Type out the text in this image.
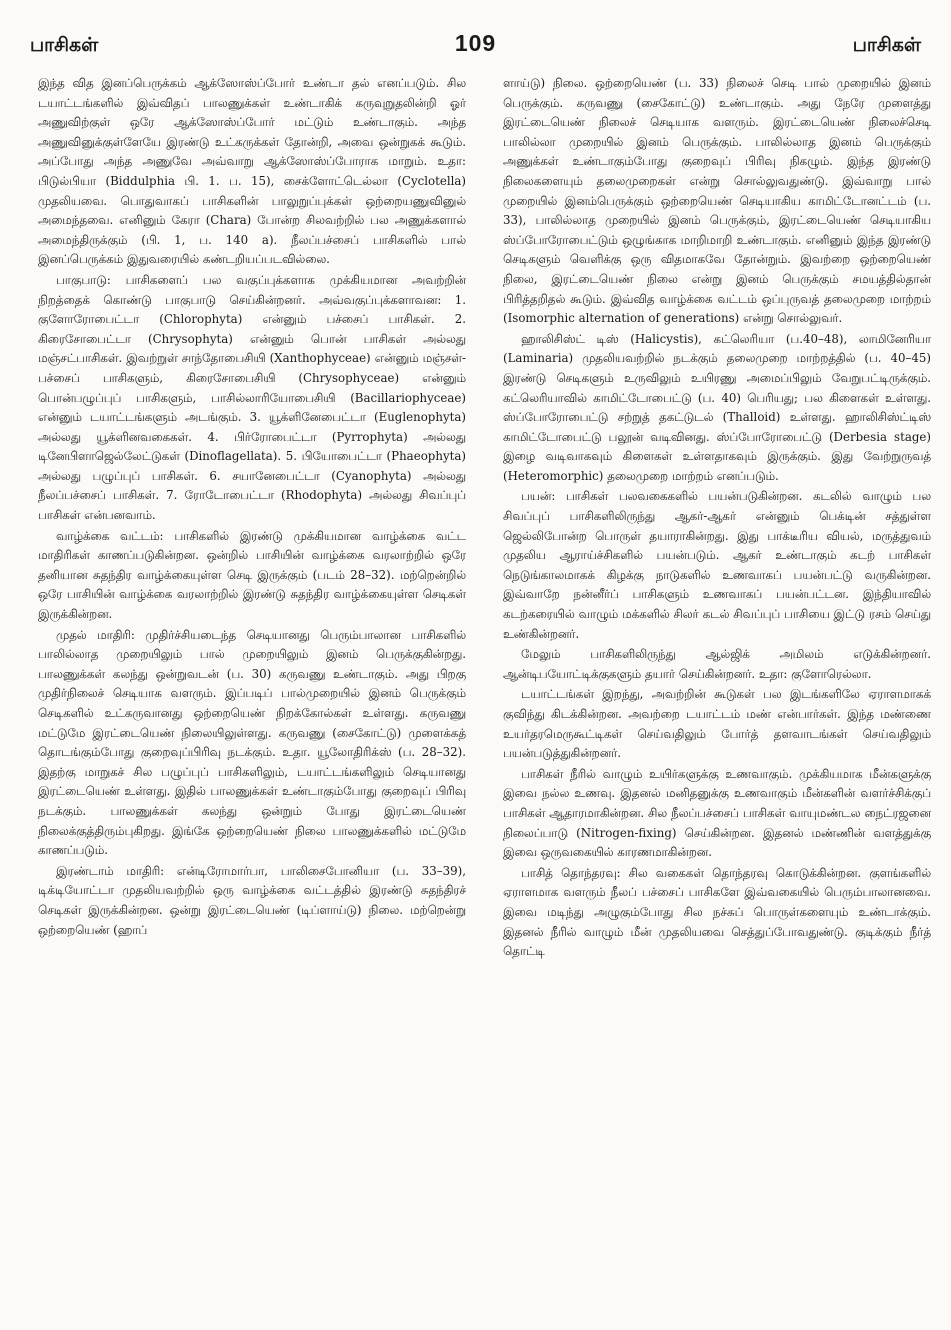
பாசிகள்	109	பாசிகள்

இந்த வித இனப்பெருக்கம் ஆக்ஸோஸ்ப்போர் உண்டா தல் எனப்படும். சில டயாட்டங்களில் இவ்விதப் பாலணுக்கள் உண்டாகிக் கருவுறுதலின்றி ஓர் அணுவிற்குள் ஒரே ஆக்ஸோஸ்ப்போர் மட்டும் உண்டாகும். அந்த அணுவினுக்குள்ளேயே இரண்டு உட்கருக்கள் தோன்றி, அவை ஒன்றுகக் கூடும். அப்போது அந்த அணுவே அவ்வாறு ஆக்ஸோஸ்ப்போராக மாறும். உதா: பிடுல்பியா (Biddulphia பி. 1. ப. 15), சைக்ளோட்டெல்லா (Cyclotella) முதலியவை. பொதுவாகப் பாசிகளின் பாலுறுப்புக்கள் ஒற்றையணுவினுல் அமைந்தவை. எனினும் கேரா (Chara) போன்ற சிலவற்றில் பல அணுக்களால் அமைந்திருக்கும் (பி. 1, ப. 140 a). நீலப்பச்சைப் பாசிகளில் பால் இனப்பெருக்கம் இதுவரையில் கண்டறியப்படவில்லை.

பாகுபாடு: பாசிகளைப் பல வகுப்புக்களாக முக்கியமான அவற்றின் நிறத்தைக் கொண்டு பாகுபாடு செய்கின்றனர். அவ்வகுப்புக்களாவன: 1. குளோரோபைட்டா (Chlorophyta) என்னும் பச்சைப் பாசிகள். 2. கிரைசோபைட்டா (Chrysophyta) என்னும் பொன் பாசிகள் அல்லது மஞ்சட்பாசிகள். இவற்றுள் சாந்தோபைசியி (Xanthophyceae) என்னும் மஞ்சள்-பச்சைப் பாசிகளும், கிரைசோபைசியி (Chrysophyceae) என்னும் பொன்பழுப்புப் பாசிகளும், பாசில்லாரியோபைசியி (Bacillariophyceae) என்னும் டயாட்டங்களும் அடங்கும். 3. யூக்ளினேபைட்டா (Euglenophyta) அல்லது யூக்ளினவகைகள். 4. பிர்ரோபைட்டா (Pyrrophyta) அல்லது டினேபிளாஜெல்லேட்டுகள் (Dinoflagellata). 5. பியோபைட்டா (Phaeophyta) அல்லது பழுப்புப் பாசிகள். 6. சயானேபைட்டா (Cyanophyta) அல்லது நீலப்பச்சைப் பாசிகள். 7. ரோடோபைட்டா (Rhodophyta) அல்லது சிவப்புப் பாசிகள் என்பனவாம்.

வாழ்க்கை வட்டம்: பாசிகளில் இரண்டு முக்கியமான வாழ்க்கை வட்ட மாதிரிகள் காணப்படுகின்றன. ஒன்றில் பாசியின் வாழ்க்கை வரலாற்றில் ஒரே தனியான சுதந்திர வாழ்க்கையுள்ள செடி இருக்கும் (படம் 28–32). மற்றென்றில் ஒரே பாசியின் வாழ்க்கை வரலாற்றில் இரண்டு சுதந்திர வாழ்க்கையுள்ள செடிகள் இருக்கின்றன.

முதல் மாதிரி: முதிர்ச்சியடைந்த செடியானது பெரும்பாலான பாசிகளில் பாலில்லாத முறையிலும் பால் முறையிலும் இனம் பெருக்குகின்றது. பாலணுக்கள் கலந்து ஒன்றுவடன் (ப. 30) கருவணு உண்டாகும். அது பிறகு முதிர்நிலைச் செடியாக வளரும். இப்படிப் பால்முறையில் இனம் பெருக்கும் செடிகளில் உட்கருவானது ஒற்றையெண் நிறக்கோல்கள் உள்ளது. கருவணு மட்டுமே இரட்டையெண் நிலையிலுள்ளது. கருவணு (சைகோட்டு) முளைக்கத் தொடங்கும்போது குறைவுப்பிரிவு நடக்கும். உதா. யூலோதிரிக்ஸ் (ப. 28–32). இதற்கு மாறுகச் சில பழுப்புப் பாசிகளிலும், டயாட்டங்களிலும் செடியானது இரட்டையெண் உள்ளது. இதில் பாலணுக்கள் உண்டாகும்போது குறைவுப் பிரிவு நடக்கும். பாலணுக்கள் கலந்து ஒன்றும் போது இரட்டையெண் நிலைக்குத்திரும்புகிறது. இங்கே ஒற்றையெண் நிலை பாலணுக்களில் மட்டுமே காணப்படும்.

இரண்டாம் மாதிரி: என்டிரோமார்பா, பாலிசைபோனியா (ப. 33–39), டிக்டியோட்டா முதலியவற்றில் ஒரு வாழ்க்கை வட்டத்தில் இரண்டு சுதந்திரச் செடிகள் இருக்கின்றன. ஒன்று இரட்டையெண் (டிப்ளாய்டு) நிலை. மற்றென்று ஒற்றையெண் (ஹாப்

ளாய்டு) நிலை. ஒற்றையெண் (ப. 33) நிலைச் செடி பால் முறையில் இனம் பெருக்கும். கருவணு (சைகோட்டு) உண்டாகும். அது நேரே முளைத்து இரட்டையெண் நிலைச் செடியாக வளரும். இரட்டையெண் நிலைச்செடி பாலில்லா முறையில் இனம் பெருக்கும். பாலில்லாத இனம் பெருக்கும் அணுக்கள் உண்டாகும்போது குறைவுப் பிரிவு நிகழும். இந்த இரண்டு நிலைகளையும் தலைமுறைகள் என்று சொல்லுவதுண்டு. இவ்வாறு பால் முறையில் இனம்பெருக்கும் ஒற்றையெண் செடியாகிய காமிட்டோனட்டம் (ப. 33), பாலில்லாத முறையில் இனம் பெருக்கும், இரட்டையெண் செடியாகிய ஸ்ப்போரோபைட்டும் ஒழுங்காக மாறிமாறி உண்டாகும். எனினும் இந்த இரண்டு செடிகளும் வெளிக்கு ஒரு விதமாகவே தோன்றும். இவற்றை ஒற்றையெண் நிலை, இரட்டையெண் நிலை என்று இனம் பெருக்கும் சமயத்தில்தான் பிரித்தறிதல் கூடும். இவ்வித வாழ்க்கை வட்டம் ஒப்புருவத் தலைமுறை மாற்றம் (Isomorphic alternation of generations) என்று சொல்லுவர்.

ஹாலிசிஸ்ட் டிஸ் (Halicystis), கட்லெரியா (ப.40–48), லாமினேரியா (Laminaria) முதலியவற்றில் நடக்கும் தலைமுறை மாற்றத்தில் (ப. 40–45) இரண்டு செடிகளும் உருவிலும் உயிரணு அமைப்பிலும் வேறுபட்டிருக்கும். கட்லெரியாவில் காமிட்டோபைட்டு (ப. 40) பெரியது; பல கிளைகள் உள்ளது. ஸ்ப்போரோபைட்டு சற்றுத் தகட்டுடல் (Thalloid) உள்ளது. ஹாலிசிஸ்ட்டிஸ் காமிட்டோபைட்டு பலூன் வடிவினது. ஸ்ப்போரோபைட்டு (Derbesia stage) இழை வடிவாகவும் கிளைகள் உள்ளதாகவும் இருக்கும். இது வேற்றுருவத் (Heteromorphic) தலைமுறை மாற்றம் எனப்படும்.

பயன்: பாசிகள் பலவகைகளில் பயன்படுகின்றன. கடலில் வாழும் பல சிவப்புப் பாசிகளிலிருந்து ஆகர்-ஆகர் என்னும் பெக்டின் சத்துள்ள ஜெல்லிபோன்ற பொருள் தயாராகின்றது. இது பாக்டீரிய வியல், மருத்துவம் முதலிய ஆராய்ச்சிகளில் பயன்படும். ஆகர் உண்டாகும் கடற் பாசிகள் நெடுங்காலமாகக் கிழக்கு நாடுகளில் உணவாகப் பயன்பட்டு வருகின்றன. இவ்வாறே நன்னீர்ப் பாசிகளும் உணவாகப் பயன்பட்டன. இந்தியாவில் கடற்கரையில் வாழும் மக்களில் சிலர் கடல் சிவப்புப் பாசியை இட்டு ரசம் செய்து உண்கின்றனர்.

மேலும் பாசிகளிலிருந்து ஆல்ஜிக் அமிலம் எடுக்கின்றனர். ஆன்டிபயோட்டிக்குகளும் தயார் செய்கின்றனர். உதா: குளோரெல்லா.

டயாட்டங்கள் இறந்து, அவற்றின் கூடுகள் பல இடங்களிலே ஏராளமாகக் குவிந்து கிடக்கின்றன. அவற்றை டயாட்டம் மண் என்பார்கள். இந்த மண்ணை உயர்தரமெருகூட்டிகள் செய்வதிலும் போர்த் தளவாடங்கள் செய்வதிலும் பயன்படுத்துகின்றனர்.

பாசிகள் நீரில் வாழும் உயிர்களுக்கு உணவாகும். முக்கியமாக மீன்களுக்கு இவை நல்ல உணவு. இதனல் மனிதனுக்கு உணவாகும் மீன்களின் வளர்ச்சிக்குப் பாசிகள் ஆதாரமாகின்றன. சில நீலப்பச்சைப் பாசிகள் வாயுமண்டல நைட்ரஜனை நிலைப்பாடு (Nitrogen-fixing) செய்கின்றன. இதனல் மண்ணின் வளத்துக்கு இவை ஒருவகையில் காரணமாகின்றன.

பாசித் தொந்தரவு: சில வகைகள் தொந்தரவு கொடுக்கின்றன. குளங்களில் ஏராளமாக வளரும் நீலப் பச்சைப் பாசிகளே இவ்வகையில் பெரும்பாலானவை. இவை மடிந்து அழுகும்போது சில நச்சுப் பொருள்களையும் உண்டாக்கும். இதனல் நீரில் வாழும் மீன் முதலியவை செத்துப்போவதுண்டு. குடிக்கும் நீர்த் தொட்டி
